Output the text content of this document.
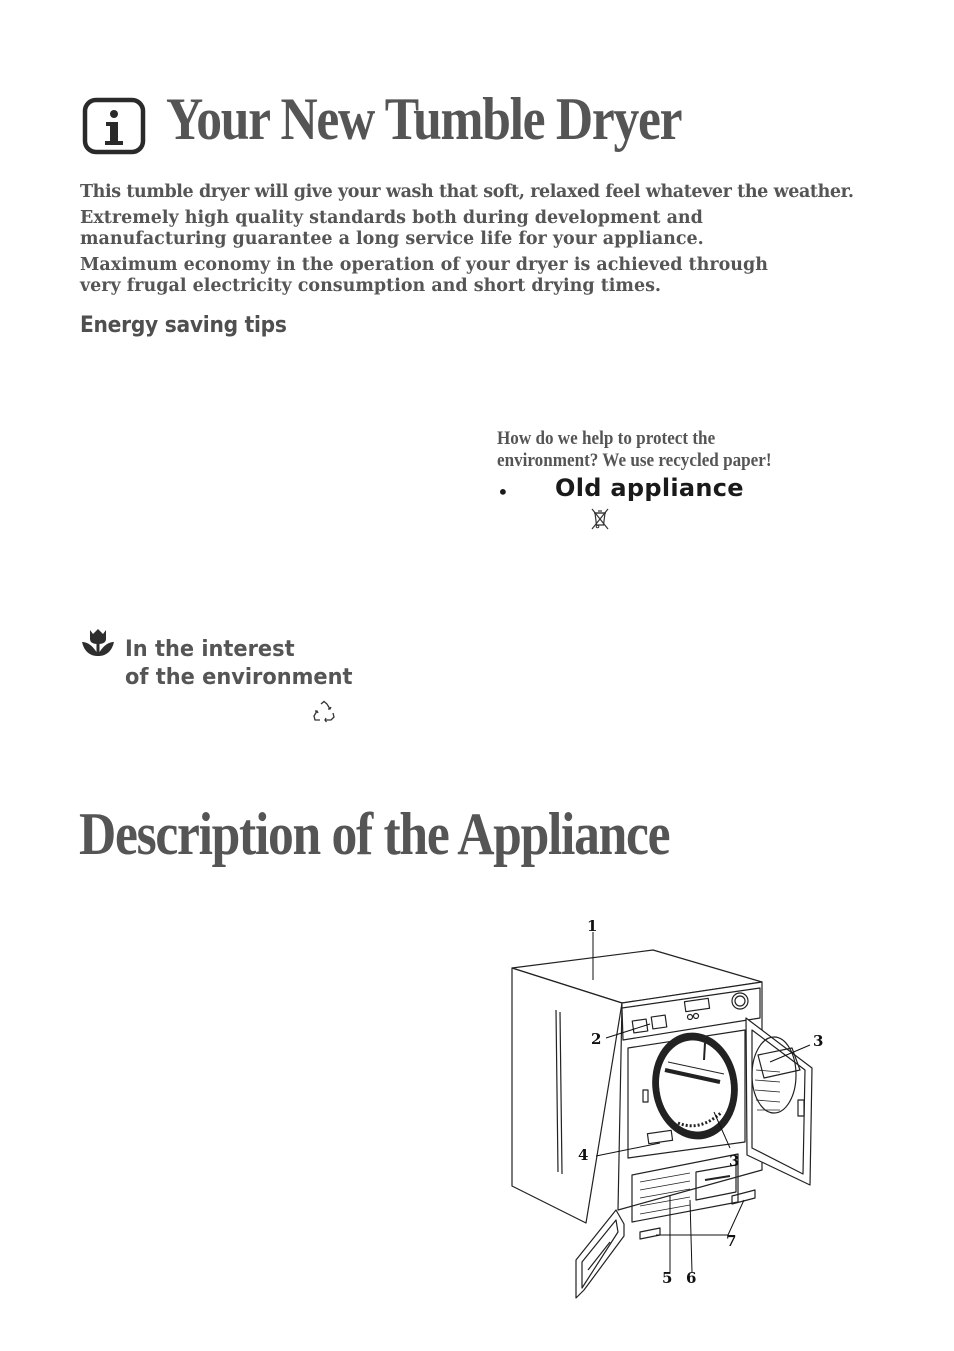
Your New Tumble Dryer
This tumble dryer will give your wash that soft, relaxed feel whatever the weather.
Extremely high quality standards both during development and
manufacturing guarantee a long service life for your appliance.
Maximum economy in the operation of your dryer is achieved through
very frugal electricity consumption and short drying times.
Energy saving tips
How do we help to protect the
environment? We use recycled paper!
• Old appliance
In the interest
of the environment
Description of the Appliance
1
2	3
3
4
5 6
7
